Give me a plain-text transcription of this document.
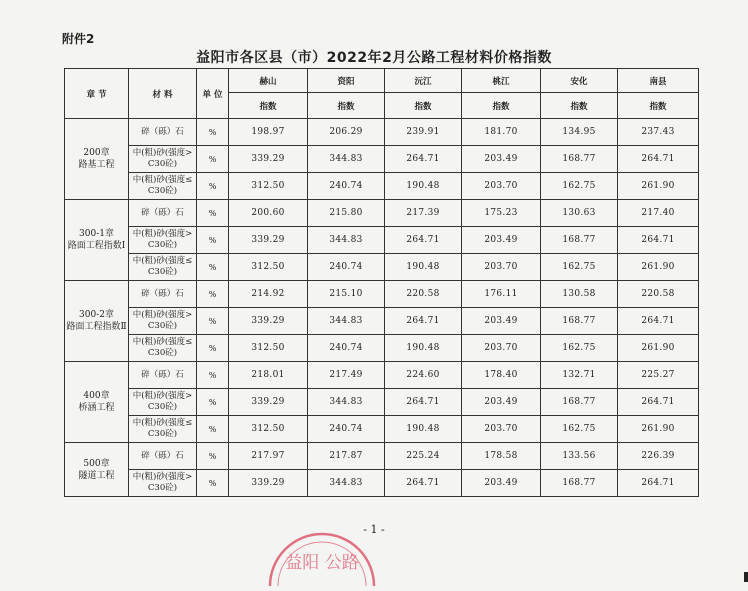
附件2
益阳市各区县（市）2022年2月公路工程材料价格指数
章 节	材 料	单 位	赫山	资阳	沅江	桃江	安化	南县
			指数	指数	指数	指数	指数	指数

200章
路基工程	碎（砾）石	%	198.97	206.29	239.91	181.70	134.95	237.43

	中(粗)砂(强度>
C30砼)	%	339.29	344.83	264.71	203.49	168.77	264.71

	中(粗)砂(强度≤
C30砼)	%	312.50	240.74	190.48	203.70	162.75	261.90

300-1章
路面工程指数Ⅰ	碎（砾）石	%	200.60	215.80	217.39	175.23	130.63	217.40

	中(粗)砂(强度>
C30砼)	%	339.29	344.83	264.71	203.49	168.77	264.71

	中(粗)砂(强度≤
C30砼)	%	312.50	240.74	190.48	203.70	162.75	261.90

300-2章
路面工程指数Ⅱ	碎（砾）石	%	214.92	215.10	220.58	176.11	130.58	220.58

	中(粗)砂(强度>
C30砼)	%	339.29	344.83	264.71	203.49	168.77	264.71

	中(粗)砂(强度≤
C30砼)	%	312.50	240.74	190.48	203.70	162.75	261.90

400章
桥涵工程	碎（砾）石	%	218.01	217.49	224.60	178.40	132.71	225.27

	中(粗)砂(强度>
C30砼)	%	339.29	344.83	264.71	203.49	168.77	264.71

	中(粗)砂(强度≤
C30砼)	%	312.50	240.74	190.48	203.70	162.75	261.90

500章
隧道工程	碎（砾）石	%	217.97	217.87	225.24	178.58	133.56	226.39

	中(粗)砂(强度>
C30砼)	%	339.29	344.83	264.71	203.49	168.77	264.71
- 1 -
益阳 公路
